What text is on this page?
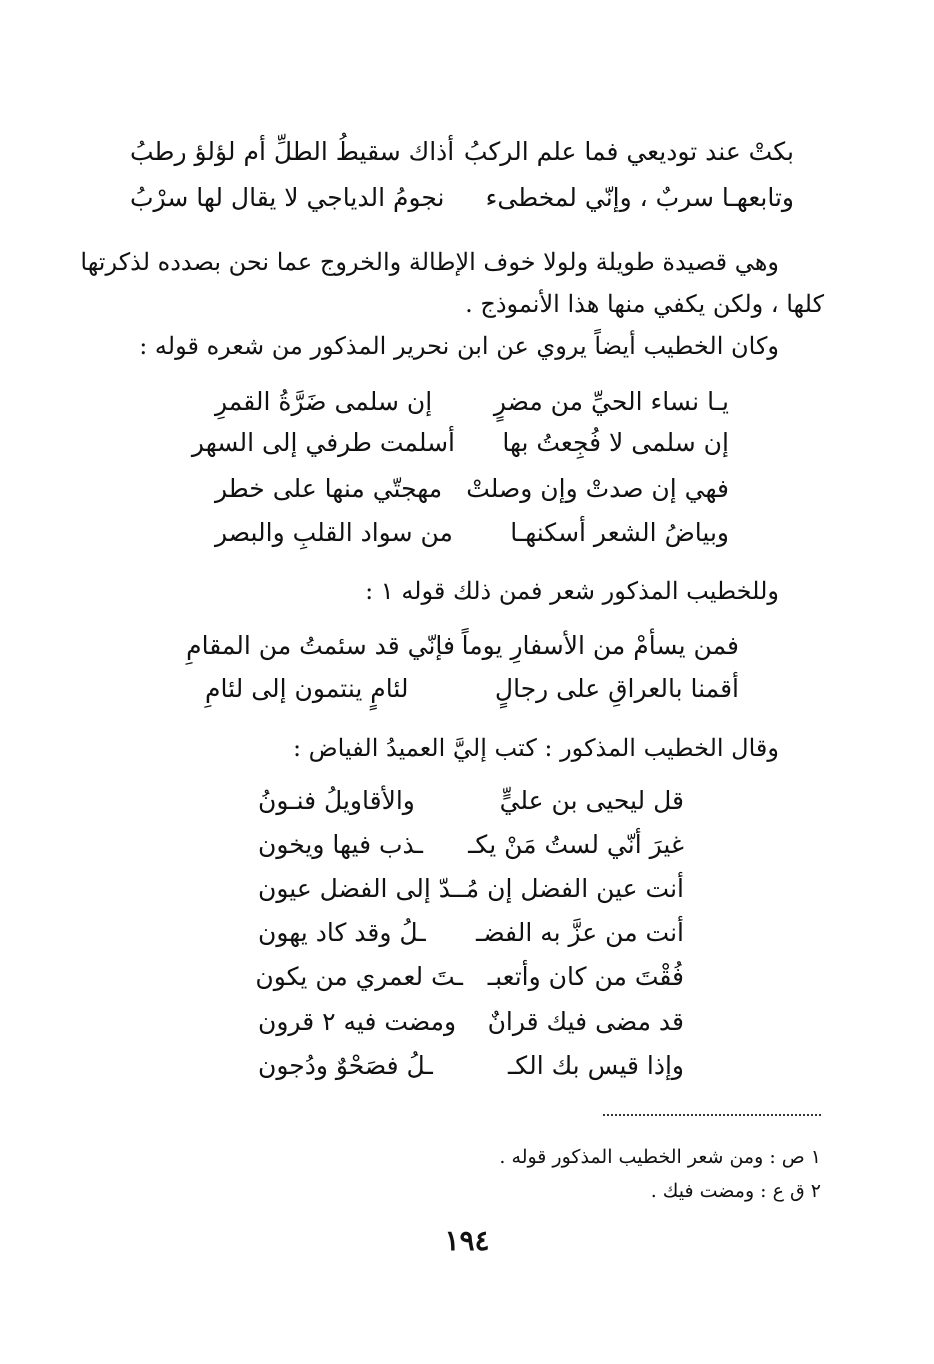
بكتْ عند توديعي فما علم الركبُ
أذاك سقيطُ الطلِّ أم لؤلؤ رطبُ
وتابعهـا سربٌ ، وإنّي لمخطىء
نجومُ الدياجي لا يقال لها سرْبُ
وهي قصيدة طويلة ولولا خوف الإطالة والخروج عما نحن بصدده لذكرتها
كلها ، ولكن يكفي منها هذا الأنموذج .
وكان الخطيب أيضاً يروي عن ابن نحرير المذكور من شعره قوله :
يـا نساء الحيِّ من مضرٍ
إن سلمى ضَرَّةُ القمرِ
إن سلمى لا فُجِعتُ بها
أسلمت طرفي إلى السهر
فهي إن صدتْ وإن وصلتْ
مهجتّي منها على خطر
وبياضُ الشعر أسكنهـا
من سواد القلبِ والبصر
وللخطيب المذكور شعر فمن ذلك قوله ١ :
فمن يسأمْ من الأسفارِ يوماً
فإنّي قد سئمتُ من المقامِ
أقمنا بالعراقِ على رجالٍ
لئامٍ ينتمون إلى لئامِ
وقال الخطيب المذكور : كتب إليَّ العميدُ الفياض :
قل ليحيى بن عليٍّ
والأقاويلُ فنـونُ
غيرَ أنّي لستُ مَنْ يكـ
ـذب فيها ويخون
أنت عين الفضل إن مُـ
ـدّ إلى الفضل عيون
أنت من عزَّ به الفضـ
ـلُ وقد كاد يهون
فُقْتَ من كان وأتعبـ
ـتَ لعمري من يكون
قد مضى فيك قرانٌ
ومضت فيه ٢ قرون
وإذا قيس بك الكـ
ـلُ فصَحْوٌ ودُجون
١ ص : ومن شعر الخطيب المذكور قوله .
٢ ق ع : ومضت فيك .
١٩٤
